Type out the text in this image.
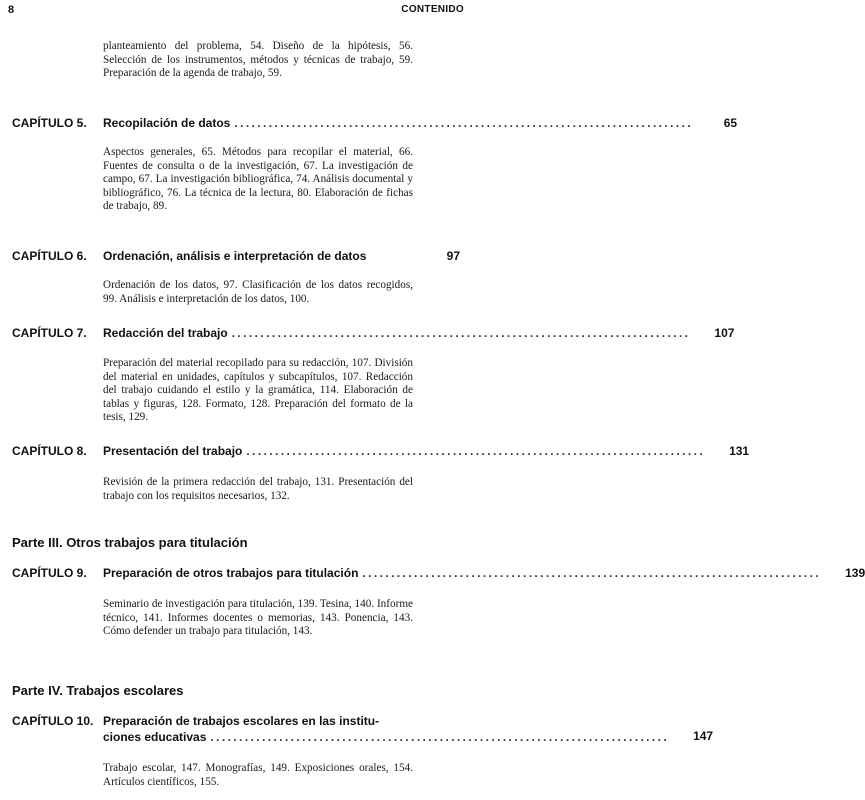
8	CONTENIDO
planteamiento del problema, 54. Diseño de la hipótesis, 56. Selección de los instrumentos, métodos y técnicas de trabajo, 59. Preparación de la agenda de trabajo, 59.
CAPÍTULO 5.	Recopilación de datos ................................................................................	65
Aspectos generales, 65. Métodos para recopilar el material, 66. Fuentes de consulta o de la investigación, 67. La investigación de campo, 67. La investigación bibliográfica, 74. Análisis documental y bibliográfico, 76. La técnica de la lectura, 80. Elaboración de fichas de trabajo, 89.
CAPÍTULO 6.	Ordenación, análisis e interpretación de datos	97
Ordenación de los datos, 97. Clasificación de los datos recogidos, 99. Análisis e interpretación de los datos, 100.
CAPÍTULO 7.	Redacción del trabajo ................................................................................	107
Preparación del material recopilado para su redacción, 107. División del material en unidades, capítulos y subcapítulos, 107. Redacción del trabajo cuidando el estilo y la gramática, 114. Elaboración de tablas y figuras, 128. Formato, 128. Preparación del formato de la tesis, 129.
CAPÍTULO 8.	Presentación del trabajo ................................................................................	131
Revisión de la primera redacción del trabajo, 131. Presentación del trabajo con los requisitos necesarios, 132.
Parte III. Otros trabajos para titulación
CAPÍTULO 9.	Preparación de otros trabajos para titulación ................................................................................	139
Seminario de investigación para titulación, 139. Tesina, 140. Informe técnico, 141. Informes docentes o memorias, 143. Ponencia, 143. Cómo defender un trabajo para titulación, 143.
Parte IV. Trabajos escolares
CAPÍTULO 10. Preparación de trabajos escolares en las institu-
ciones educativas ................................................................................	147
Trabajo escolar, 147. Monografías, 149. Exposiciones orales, 154. Artículos científicos, 155.
